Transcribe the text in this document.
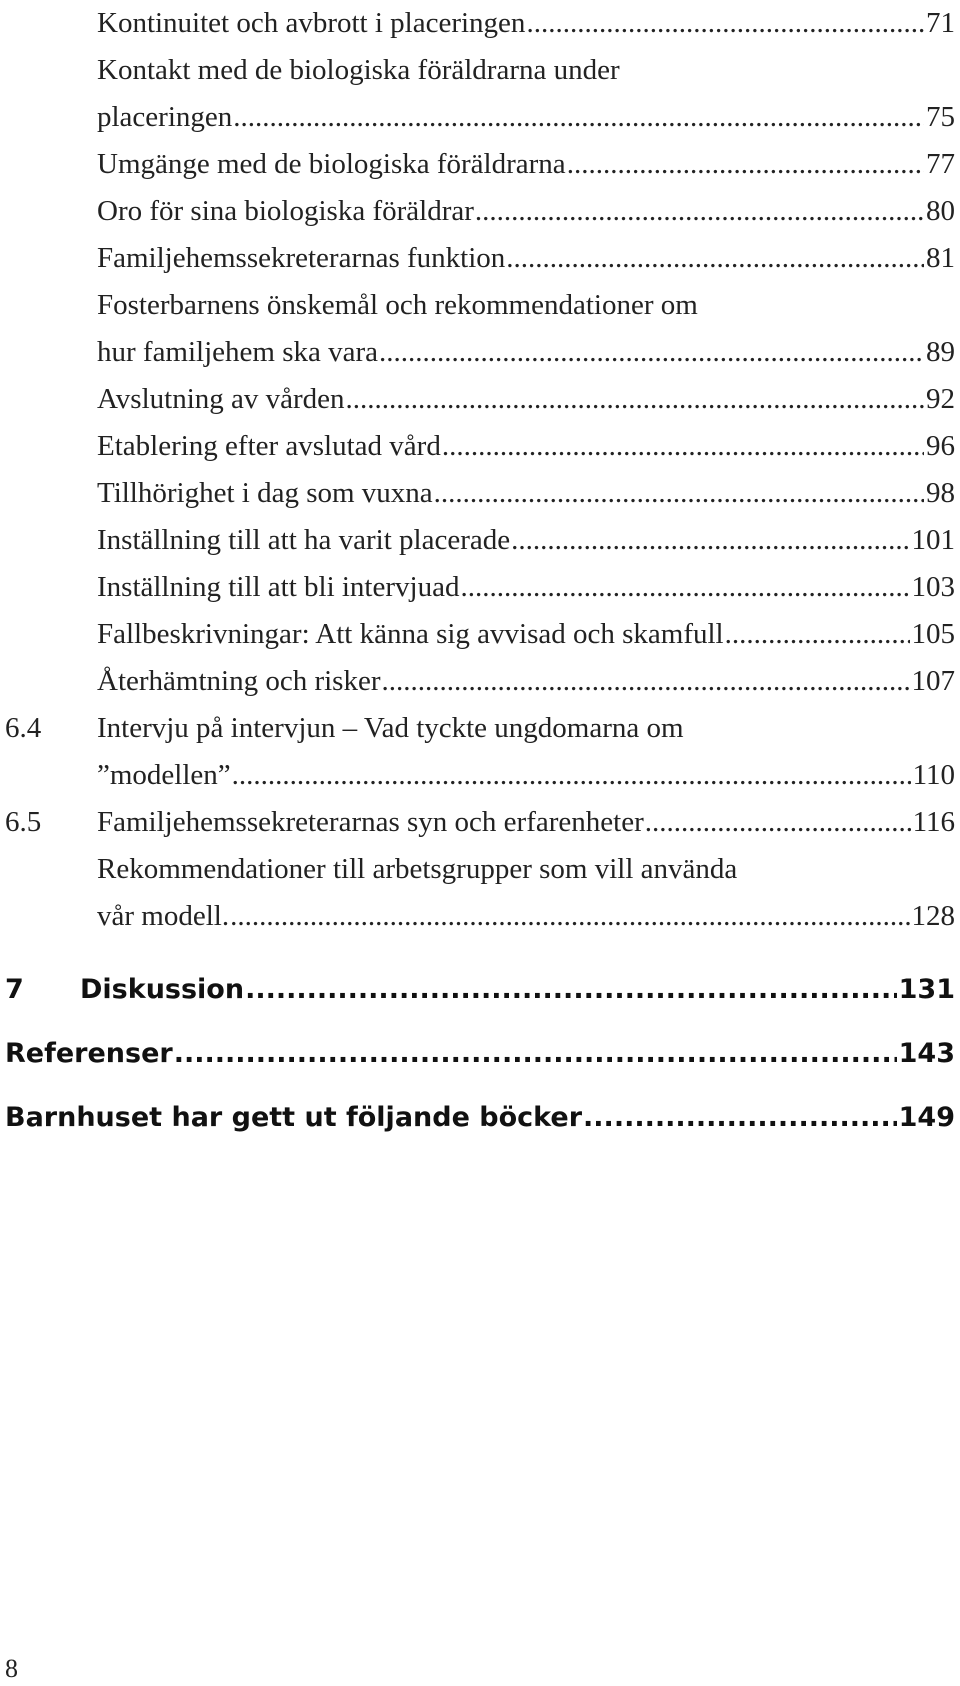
Kontinuitet och avbrott i placeringen .....	71
Kontakt med de biologiska föräldrarna under
placeringen .....	75
Umgänge med de biologiska föräldrarna .....	77
Oro för sina biologiska föräldrar .....	80
Familjehemssekreterarnas funktion .....	81
Fosterbarnens önskemål och rekommendationer om
hur familjehem ska vara .....	89
Avslutning av vården .....	92
Etablering efter avslutad vård .....	96
Tillhörighet i dag som vuxna .....	98
Inställning till att ha varit placerade .....	101
Inställning till att bli intervjuad .....	103
Fallbeskrivningar: Att känna sig avvisad och skamfull .....	105
Återhämtning och risker .....	107
6.4	Intervju på intervjun – Vad tyckte ungdomarna om
”modellen” .....	110
6.5	Familjehemssekreterarnas syn och erfarenheter .....	116
Rekommendationer till arbetsgrupper som vill använda
vår modell. .....	128
7	Diskussion .....	131
Referenser .....	143
Barnhuset har gett ut följande böcker .....	149
8
